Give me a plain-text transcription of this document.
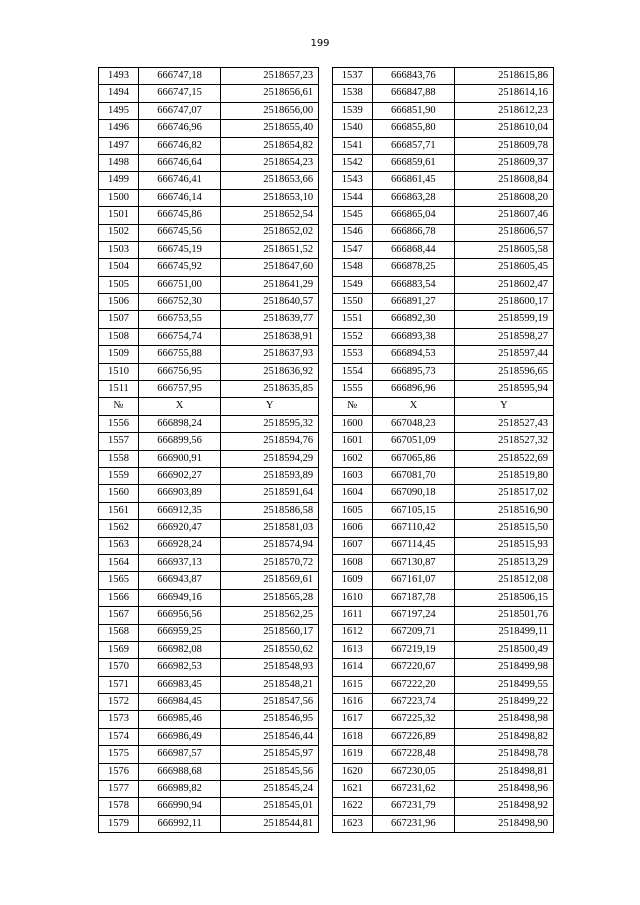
199
1493	666747,18	2518657,23		1537	666843,76	2518615,86
1494	666747,15	2518656,61		1538	666847,88	2518614,16
1495	666747,07	2518656,00		1539	666851,90	2518612,23
1496	666746,96	2518655,40		1540	666855,80	2518610,04
1497	666746,82	2518654,82		1541	666857,71	2518609,78
1498	666746,64	2518654,23		1542	666859,61	2518609,37
1499	666746,41	2518653,66		1543	666861,45	2518608,84
1500	666746,14	2518653,10		1544	666863,28	2518608,20
1501	666745,86	2518652,54		1545	666865,04	2518607,46
1502	666745,56	2518652,02		1546	666866,78	2518606,57
1503	666745,19	2518651,52		1547	666868,44	2518605,58
1504	666745,92	2518647,60		1548	666878,25	2518605,45
1505	666751,00	2518641,29		1549	666883,54	2518602,47
1506	666752,30	2518640,57		1550	666891,27	2518600,17
1507	666753,55	2518639,77		1551	666892,30	2518599,19
1508	666754,74	2518638,91		1552	666893,38	2518598,27
1509	666755,88	2518637,93		1553	666894,53	2518597,44
1510	666756,95	2518636,92		1554	666895,73	2518596,65
1511	666757,95	2518635,85		1555	666896,96	2518595,94
№	X	Y		№	X	Y
1556	666898,24	2518595,32		1600	667048,23	2518527,43
1557	666899,56	2518594,76		1601	667051,09	2518527,32
1558	666900,91	2518594,29		1602	667065,86	2518522,69
1559	666902,27	2518593,89		1603	667081,70	2518519,80
1560	666903,89	2518591,64		1604	667090,18	2518517,02
1561	666912,35	2518586,58		1605	667105,15	2518516,90
1562	666920,47	2518581,03		1606	667110,42	2518515,50
1563	666928,24	2518574,94		1607	667114,45	2518515,93
1564	666937,13	2518570,72		1608	667130,87	2518513,29
1565	666943,87	2518569,61		1609	667161,07	2518512,08
1566	666949,16	2518565,28		1610	667187,78	2518506,15
1567	666956,56	2518562,25		1611	667197,24	2518501,76
1568	666959,25	2518560,17		1612	667209,71	2518499,11
1569	666982,08	2518550,62		1613	667219,19	2518500,49
1570	666982,53	2518548,93		1614	667220,67	2518499,98
1571	666983,45	2518548,21		1615	667222,20	2518499,55
1572	666984,45	2518547,56		1616	667223,74	2518499,22
1573	666985,46	2518546,95		1617	667225,32	2518498,98
1574	666986,49	2518546,44		1618	667226,89	2518498,82
1575	666987,57	2518545,97		1619	667228,48	2518498,78
1576	666988,68	2518545,56		1620	667230,05	2518498,81
1577	666989,82	2518545,24		1621	667231,62	2518498,96
1578	666990,94	2518545,01		1622	667231,79	2518498,92
1579	666992,11	2518544,81		1623	667231,96	2518498,90
